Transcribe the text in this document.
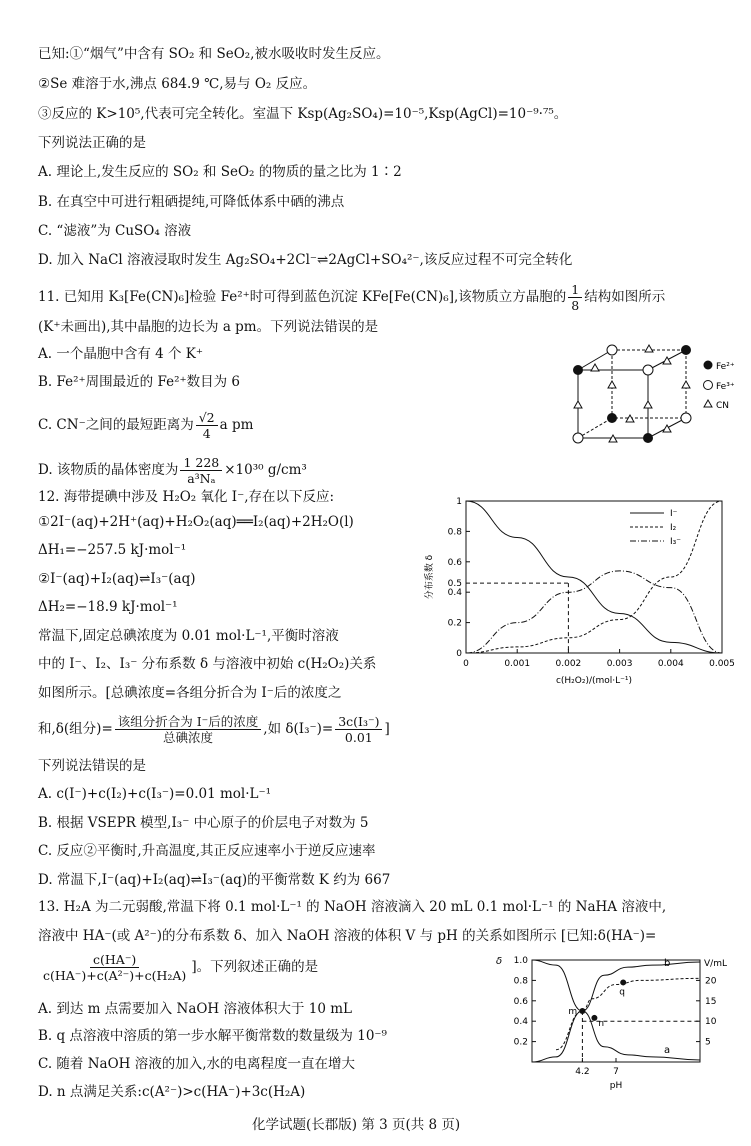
已知:①“烟气”中含有 SO₂ 和 SeO₂,被水吸收时发生反应。
②Se 难溶于水,沸点 684.9 ℃,易与 O₂ 反应。
③反应的 K>10⁵,代表可完全转化。室温下 Ksp(Ag₂SO₄)=10⁻⁵,Ksp(AgCl)=10⁻⁹·⁷⁵。
下列说法正确的是
A. 理论上,发生反应的 SO₂ 和 SeO₂ 的物质的量之比为 1∶2
B. 在真空中可进行粗硒提纯,可降低体系中硒的沸点
C. “滤液”为 CuSO₄ 溶液
D. 加入 NaCl 溶液浸取时发生 Ag₂SO₄+2Cl⁻⇌2AgCl+SO₄²⁻,该反应过程不可完全转化
11. 已知用 K₃[Fe(CN)₆]检验 Fe²⁺时可得到蓝色沉淀 KFe[Fe(CN)₆],该物质立方晶胞的 $\frac{1}{8}$ 结构如图所示
(K⁺未画出),其中晶胞的边长为 a pm。下列说法错误的是
A. 一个晶胞中含有 4 个 K⁺
B. Fe²⁺周围最近的 Fe²⁺数目为 6
C. CN⁻之间的最短距离为 $\frac{√2}{4}$ a pm
D. 该物质的晶体密度为 $\frac{1 228}{\text{a³Nₐ}} \times 10^{30}$ g/cm³
Fe²⁺
Fe³⁺
CN
12. 海带提碘中涉及 H₂O₂ 氧化 I⁻,存在以下反应:
①2I⁻(aq)+2H⁺(aq)+H₂O₂(aq)══I₂(aq)+2H₂O(l)
ΔH₁=−257.5 kJ·mol⁻¹
②I⁻(aq)+I₂(aq)⇌I₃⁻(aq)
ΔH₂=−18.9 kJ·mol⁻¹
常温下,固定总碘浓度为 0.01 mol·L⁻¹,平衡时溶液
中的 I⁻、I₂、I₃⁻ 分布系数 δ 与溶液中初始 c(H₂O₂)关系
如图所示。[总碘浓度=各组分折合为 I⁻后的浓度之
和,δ(组分)= $\frac{\text{该组分折合为 I⁻后的浓度}}{\text{总碘浓度}}$ ,如 $\delta(I_3^-)= \frac{\text{3c(I₃⁻)}}{0.01}$ ]
下列说法错误的是
A. c(I⁻)+c(I₂)+c(I₃⁻)=0.01 mol·L⁻¹
B. 根据 VSEPR 模型,I₃⁻ 中心原子的价层电子对数为 5
C. 反应②平衡时,升高温度,其正反应速率小于逆反应速率
D. 常温下,I⁻(aq)+I₂(aq)⇌I₃⁻(aq)的平衡常数 K 约为 667
0	0.001	0.002	0.003	0.004	0.005
0
0.2
0.4
0.6
0.8
1
c(H₂O₂)/(mol·L⁻¹)
分布系数 δ
I⁻
I₂
I₃⁻
0.5
13. H₂A 为二元弱酸,常温下将 0.1 mol·L⁻¹ 的 NaOH 溶液滴入 20 mL 0.1 mol·L⁻¹ 的 NaHA 溶液中,
溶液中 HA⁻(或 A²⁻)的分布系数 δ、加入 NaOH 溶液的体积 V 与 pH 的关系如图所示 [已知:δ(HA⁻)=
$\frac{c(HA^-)}{\text{c(HA⁻)+c(A²⁻)+c(H₂A)}}$ ]。下列叙述正确的是
A. 到达 m 点需要加入 NaOH 溶液体积大于 10 mL
B. q 点溶液中溶质的第一步水解平衡常数的数量级为 10⁻⁹
C. 随着 NaOH 溶液的加入,水的电离程度一直在增大
D. n 点满足关系:c(A²⁻)>c(HA⁻)+3c(H₂A)
δ	V/mL
0.2
0.4
0.6
0.8
1.0
5
10
15
20
4.2	7
pH
a
b
m
n
q
化学试题(长郡版) 第 3 页(共 8 页)
